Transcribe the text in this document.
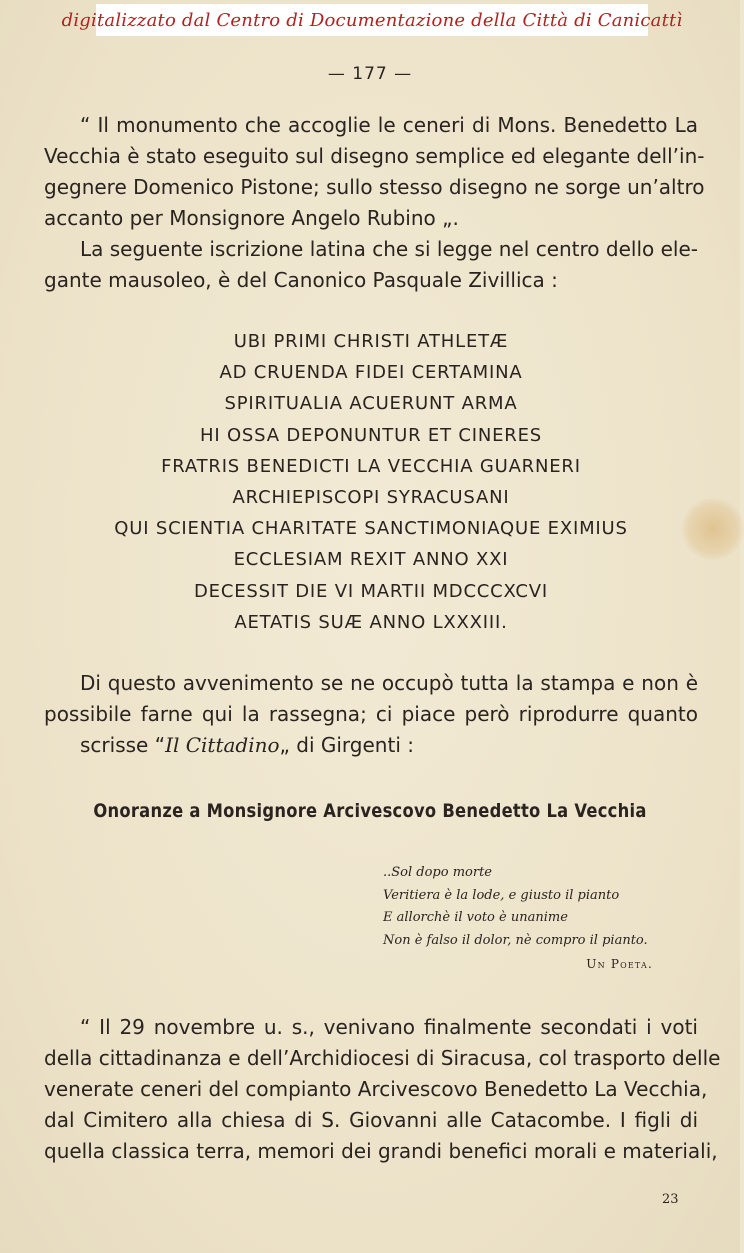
digitalizzato dal Centro di Documentazione della Città di Canicattì
— 177 —
“ Il monumento che accoglie le ceneri di Mons. Benedetto La
Vecchia è stato eseguito sul disegno semplice ed elegante dell’in-
gegnere Domenico Pistone; sullo stesso disegno ne sorge un’altro
accanto per Monsignore Angelo Rubino „.
La seguente iscrizione latina che si legge nel centro dello ele-
gante mausoleo, è del Canonico Pasquale Zivillica :
UBI PRIMI CHRISTI ATHLETÆ
AD CRUENDA FIDEI CERTAMINA
SPIRITUALIA ACUERUNT ARMA
HI OSSA DEPONUNTUR ET CINERES
FRATRIS BENEDICTI LA VECCHIA GUARNERI
ARCHIEPISCOPI SYRACUSANI
QUI SCIENTIA CHARITATE SANCTIMONIAQUE EXIMIUS
ECCLESIAM REXIT ANNO XXI
DECESSIT DIE VI MARTII MDCCCXCVI
AETATIS SUÆ ANNO LXXXIII.
Di questo avvenimento se ne occupò tutta la stampa e non è
possibile farne qui la rassegna; ci piace però riprodurre quanto
scrisse “Il Cittadino„ di Girgenti :
Onoranze a Monsignore Arcivescovo Benedetto La Vecchia
..Sol dopo morte
Veritiera è la lode, e giusto il pianto
E allorchè il voto è unanime
Non è falso il dolor, nè compro il pianto.
Un Poeta.
“ Il 29 novembre u. s., venivano finalmente secondati i voti
della cittadinanza e dell’Archidiocesi di Siracusa, col trasporto delle
venerate ceneri del compianto Arcivescovo Benedetto La Vecchia,
dal Cimitero alla chiesa di S. Giovanni alle Catacombe. I figli di
quella classica terra, memori dei grandi benefici morali e materiali,
23
